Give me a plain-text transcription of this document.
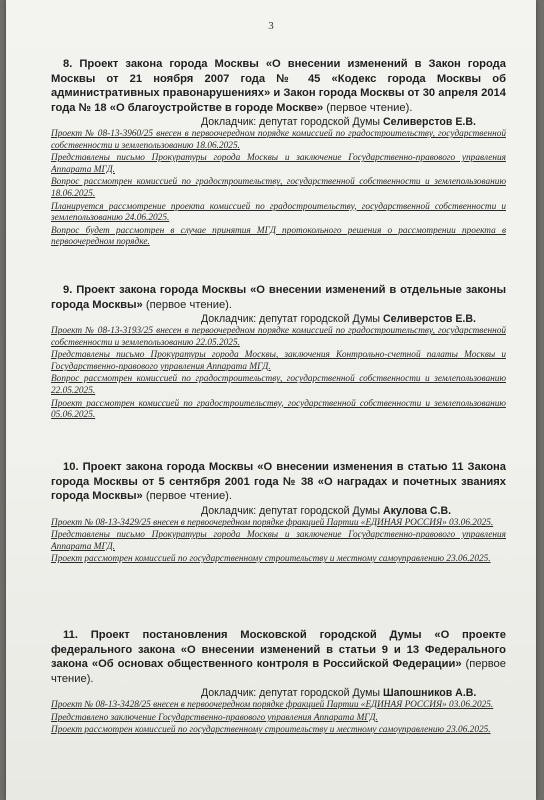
3
8. Проект закона города Москвы «О внесении изменений в Закон города Москвы от 21 ноября 2007 года № 45 «Кодекс города Москвы об административных правонарушениях» и Закон города Москвы от 30 апреля 2014 года № 18 «О благоустройстве в городе Москве» (первое чтение).
Докладчик: депутат городской Думы Селиверстов Е.В.
Проект № 08-13-3960/25 внесен в первоочередном порядке комиссией по градостроительству, государственной собственности и землепользованию 18.06.2025.
Представлены письмо Прокуратуры города Москвы и заключение Государственно-правового управления Аппарата МГД.
Вопрос рассмотрен комиссией по градостроительству, государственной собственности и землепользованию 18.06.2025.
Планируется рассмотрение проекта комиссией по градостроительству, государственной собственности и землепользованию 24.06.2025.
Вопрос будет рассмотрен в случае принятия МГД протокольного решения о рассмотрении проекта в первоочередном порядке.
9. Проект закона города Москвы «О внесении изменений в отдельные законы города Москвы» (первое чтение).
Докладчик: депутат городской Думы Селиверстов Е.В.
Проект № 08-13-3193/25 внесен в первоочередном порядке комиссией по градостроительству, государственной собственности и землепользованию 22.05.2025.
Представлены письмо Прокуратуры города Москвы, заключения Контрольно-счетной палаты Москвы и Государственно-правового управления Аппарата МГД.
Вопрос рассмотрен комиссией по градостроительству, государственной собственности и землепользованию 22.05.2025.
Проект рассмотрен комиссией по градостроительству, государственной собственности и землепользованию 05.06.2025.
10. Проект закона города Москвы «О внесении изменения в статью 11 Закона города Москвы от 5 сентября 2001 года № 38 «О наградах и почетных званиях города Москвы» (первое чтение).
Докладчик: депутат городской Думы Акулова С.В.
Проект № 08-13-3429/25 внесен в первоочередном порядке фракцией Партии «ЕДИНАЯ РОССИЯ» 03.06.2025.
Представлены письмо Прокуратуры города Москвы и заключение Государственно-правового управления Аппарата МГД.
Проект рассмотрен комиссией по государственному строительству и местному самоуправлению 23.06.2025.
11. Проект постановления Московской городской Думы «О проекте федерального закона «О внесении изменений в статьи 9 и 13 Федерального закона «Об основах общественного контроля в Российской Федерации» (первое чтение).
Докладчик: депутат городской Думы Шапошников А.В.
Проект № 08-13-3428/25 внесен в первоочередном порядке фракцией Партии «ЕДИНАЯ РОССИЯ» 03.06.2025.
Представлено заключение Государственно-правового управления Аппарата МГД.
Проект рассмотрен комиссией по государственному строительству и местному самоуправлению 23.06.2025.
